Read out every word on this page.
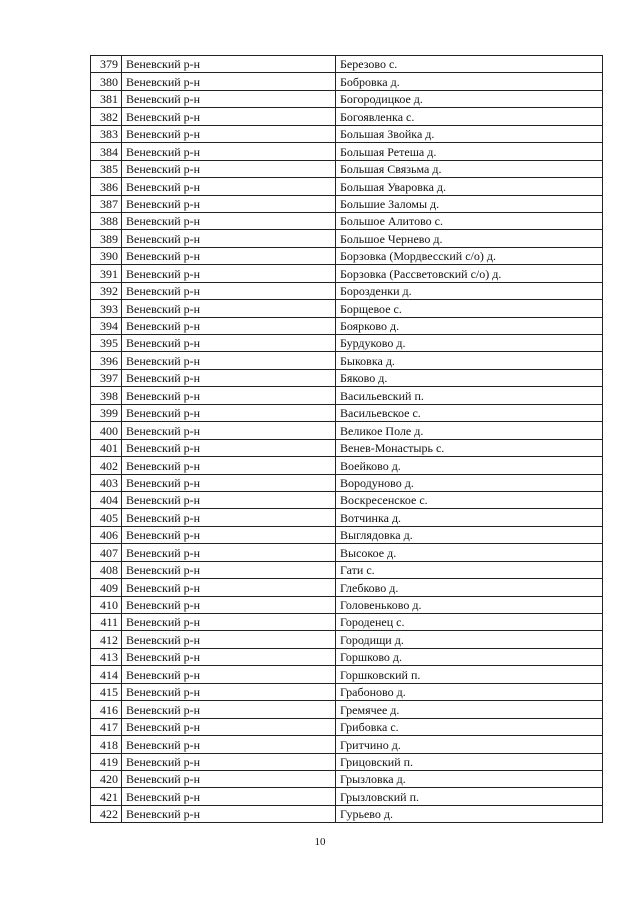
379	Веневский р-н	Березово с.
380	Веневский р-н	Бобровка д.
381	Веневский р-н	Богородицкое д.
382	Веневский р-н	Богоявленка с.
383	Веневский р-н	Большая Звойка д.
384	Веневский р-н	Большая Ретеша д.
385	Веневский р-н	Большая Связьма д.
386	Веневский р-н	Большая Уваровка д.
387	Веневский р-н	Большие Заломы д.
388	Веневский р-н	Большое Алитово с.
389	Веневский р-н	Большое Чернево д.
390	Веневский р-н	Борзовка (Мордвесский с/о) д.
391	Веневский р-н	Борзовка (Рассветовский с/о) д.
392	Веневский р-н	Борозденки д.
393	Веневский р-н	Борщевое с.
394	Веневский р-н	Боярково д.
395	Веневский р-н	Бурдуково д.
396	Веневский р-н	Быковка д.
397	Веневский р-н	Бяково д.
398	Веневский р-н	Васильевский п.
399	Веневский р-н	Васильевское с.
400	Веневский р-н	Великое Поле д.
401	Веневский р-н	Венев-Монастырь с.
402	Веневский р-н	Воейково д.
403	Веневский р-н	Вородуново д.
404	Веневский р-н	Воскресенское с.
405	Веневский р-н	Вотчинка д.
406	Веневский р-н	Выглядовка д.
407	Веневский р-н	Высокое д.
408	Веневский р-н	Гати с.
409	Веневский р-н	Глебково д.
410	Веневский р-н	Головеньково д.
411	Веневский р-н	Городенец с.
412	Веневский р-н	Городищи д.
413	Веневский р-н	Горшково д.
414	Веневский р-н	Горшковский п.
415	Веневский р-н	Грабоново д.
416	Веневский р-н	Гремячее д.
417	Веневский р-н	Грибовка с.
418	Веневский р-н	Гритчино д.
419	Веневский р-н	Грицовский п.
420	Веневский р-н	Грызловка д.
421	Веневский р-н	Грызловский п.
422	Веневский р-н	Гурьево д.
10
